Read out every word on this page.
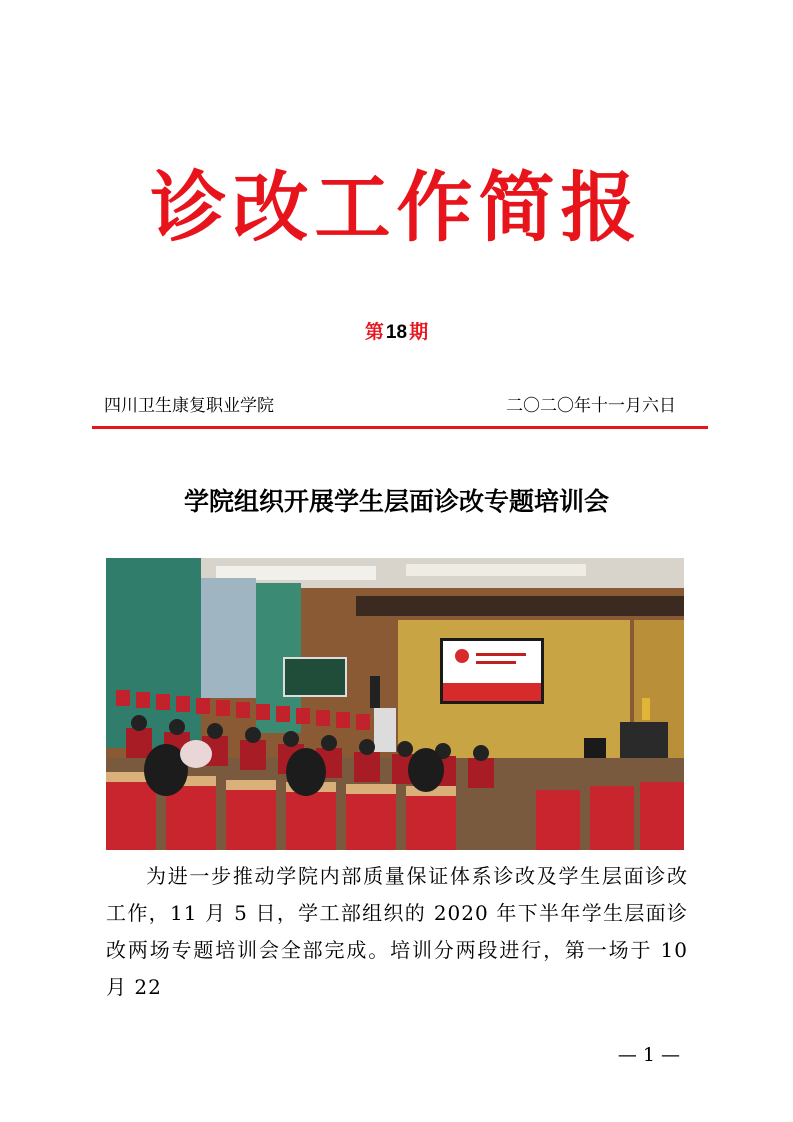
诊改工作简报
第 18 期
四川卫生康复职业学院	二〇二〇年十一月六日
学院组织开展学生层面诊改专题培训会

为进一步推动学院内部质量保证体系诊改及学生层面诊改工作，11 月 5 日，学工部组织的 2020 年下半年学生层面诊改两场专题培训会全部完成。培训分两段进行，第一场于 10 月 22

— 1 —
